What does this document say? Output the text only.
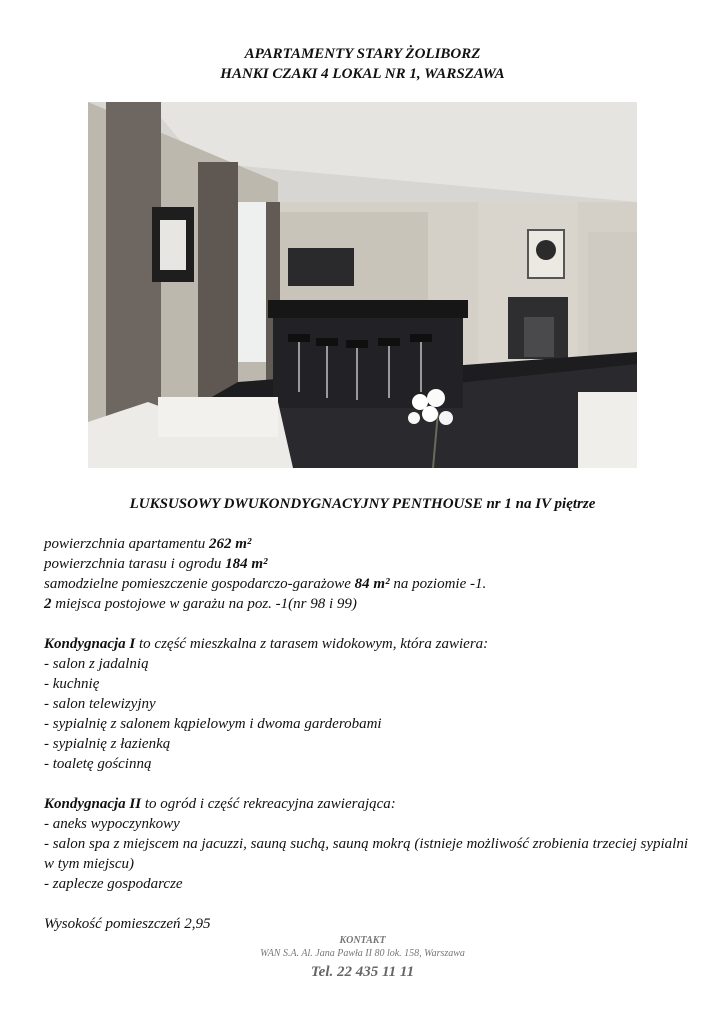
APARTAMENTY STARY ŻOLIBORZ
HANKI CZAKI 4 LOKAL NR 1, WARSZAWA
LUKSUSOWY DWUKONDYGNACYJNY PENTHOUSE nr 1 na IV piętrze

powierzchnia apartamentu 262 m²

powierzchnia tarasu i ogrodu 184 m²

samodzielne pomieszczenie gospodarczo-garażowe 84 m² na poziomie -1.

2 miejsca postojowe w garażu na poz. -1(nr 98 i 99)

Kondygnacja I to część mieszkalna z tarasem widokowym, która zawiera:

- salon z jadalnią

- kuchnię

- salon telewizyjny

- sypialnię z salonem kąpielowym i dwoma garderobami

- sypialnię z łazienką

- toaletę gościnną

Kondygnacja II to ogród i część rekreacyjna zawierająca:

- aneks wypoczynkowy

- salon spa z miejscem na jacuzzi, sauną suchą, sauną mokrą (istnieje możliwość zrobienia trzeciej sypialni w tym miejscu)

- zaplecze gospodarcze

Wysokość pomieszczeń 2,95

KONTAKT
WAN S.A. Al. Jana Pawła II 80 lok. 158, Warszawa
Tel. 22 435 11 11
